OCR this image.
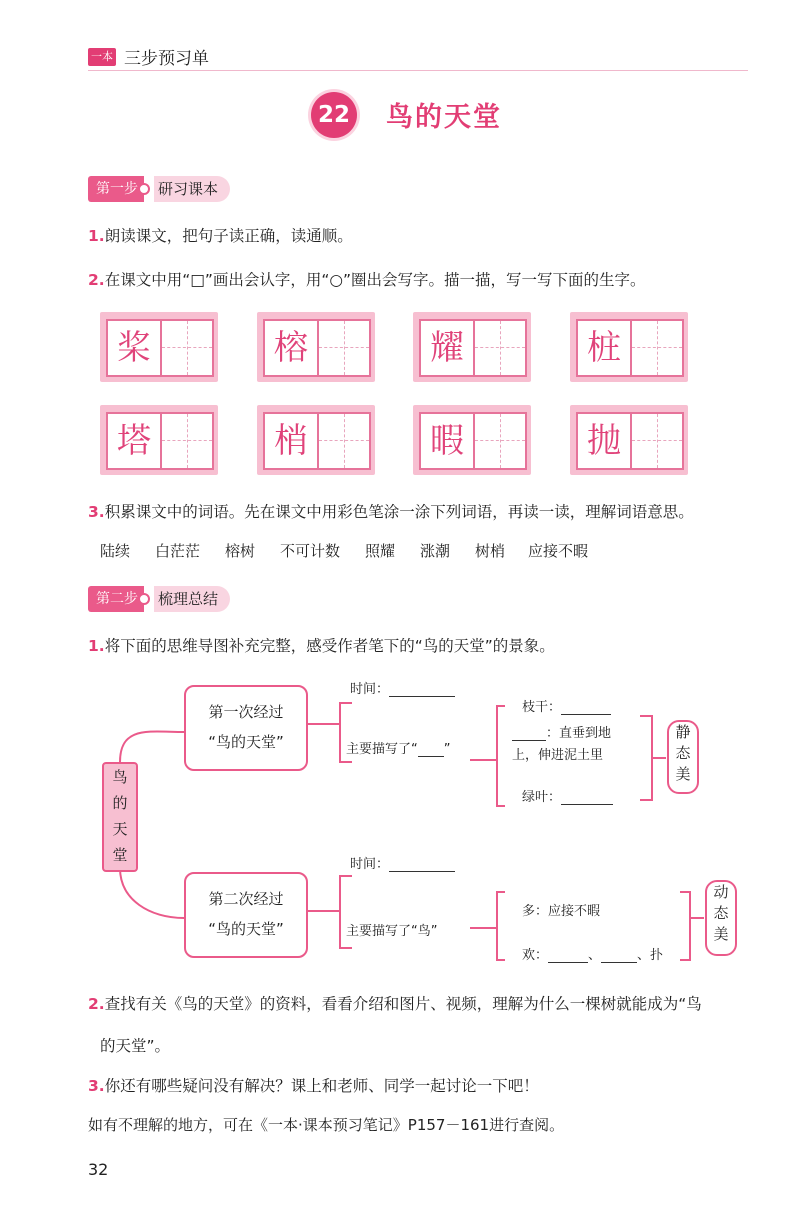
一本 三步预习单
22 鸟的天堂
第一步	研习课本
1.朗读课文，把句子读正确，读通顺。
2.在课文中用“□”画出会认字，用“○”圈出会写字。描一描，写一写下面的生字。
桨	榕	耀	桩
塔	梢	暇	抛
3.积累课文中的词语。先在课文中用彩色笔涂一涂下列词语，再读一读，理解词语意思。
陆续 白茫茫 榕树 不可计数 照耀 涨潮 树梢 应接不暇
第二步	梳理总结
1.将下面的思维导图补充完整，感受作者笔下的“鸟的天堂”的景象。
鸟
的
天
堂
第一次经过
“鸟的天堂”
第二次经过
“鸟的天堂”
时间：
主要描写了“ ”
枝干：
：直垂到地
上，伸进泥土里
绿叶：
静
态
美
时间：
主要描写了“鸟”
多：应接不暇
欢：	、	、扑
动
态
美
2.查找有关《鸟的天堂》的资料，看看介绍和图片、视频，理解为什么一棵树就能成为“鸟
的天堂”。
3.你还有哪些疑问没有解决？课上和老师、同学一起讨论一下吧！
如有不理解的地方，可在《一本·课本预习笔记》P157－161进行查阅。
32
